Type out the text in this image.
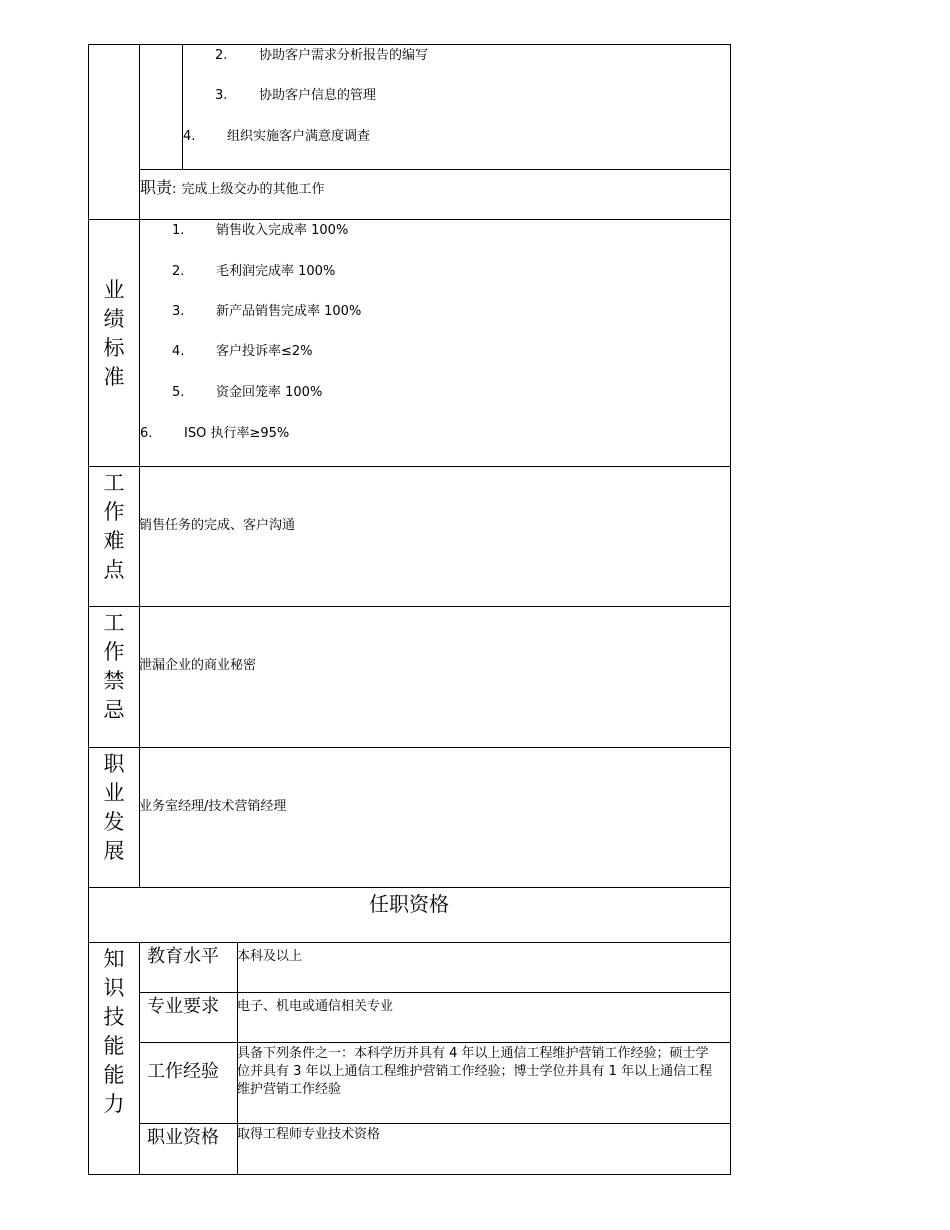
2. 协助客户需求分析报告的编写
3. 协助客户信息的管理
4. 组织实施客户满意度调查
职责: 完成上级交办的其他工作
业
绩
标
准
1. 销售收入完成率 100%
2. 毛利润完成率 100%
3. 新产品销售完成率 100%
4. 客户投诉率≤2%
5. 资金回笼率 100%
6. ISO 执行率≥95%
工
作
难
点
销售任务的完成、客户沟通
工
作
禁
忌
泄漏企业的商业秘密
职
业
发
展
业务室经理/技术营销经理
任职资格
知
识
技
能
能
力
教育水平 本科及以上
专业要求 电子、机电或通信相关专业
工作经验
具备下列条件之一：本科学历并具有 4 年以上通信工程维护营销工作经验；硕士学位并具有 3 年以上通信工程维护营销工作经验；博士学位并具有 1 年以上通信工程维护营销工作经验
职业资格 取得工程师专业技术资格
